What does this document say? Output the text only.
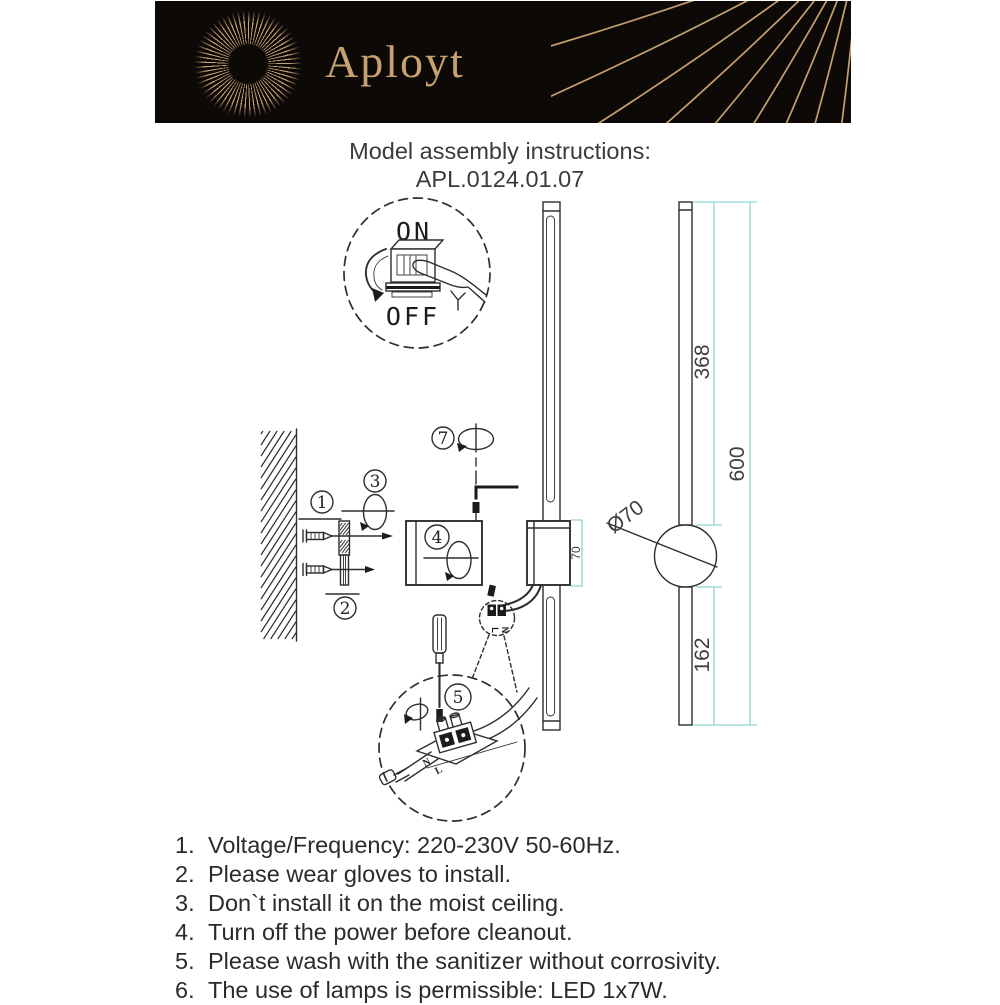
Aployt
Model assembly instructions:
APL.0124.01.07
ON
OFF
1
2
3
7
4
70
L N
5
N
L
Ø70
368
600
162
1. Voltage/Frequency: 220-230V 50-60Hz.
2. Please wear gloves to install.
3. Don`t install it on the moist ceiling.
4. Turn off the power before cleanout.
5. Please wash with the sanitizer without corrosivity.
6. The use of lamps is permissible: LED 1x7W.
